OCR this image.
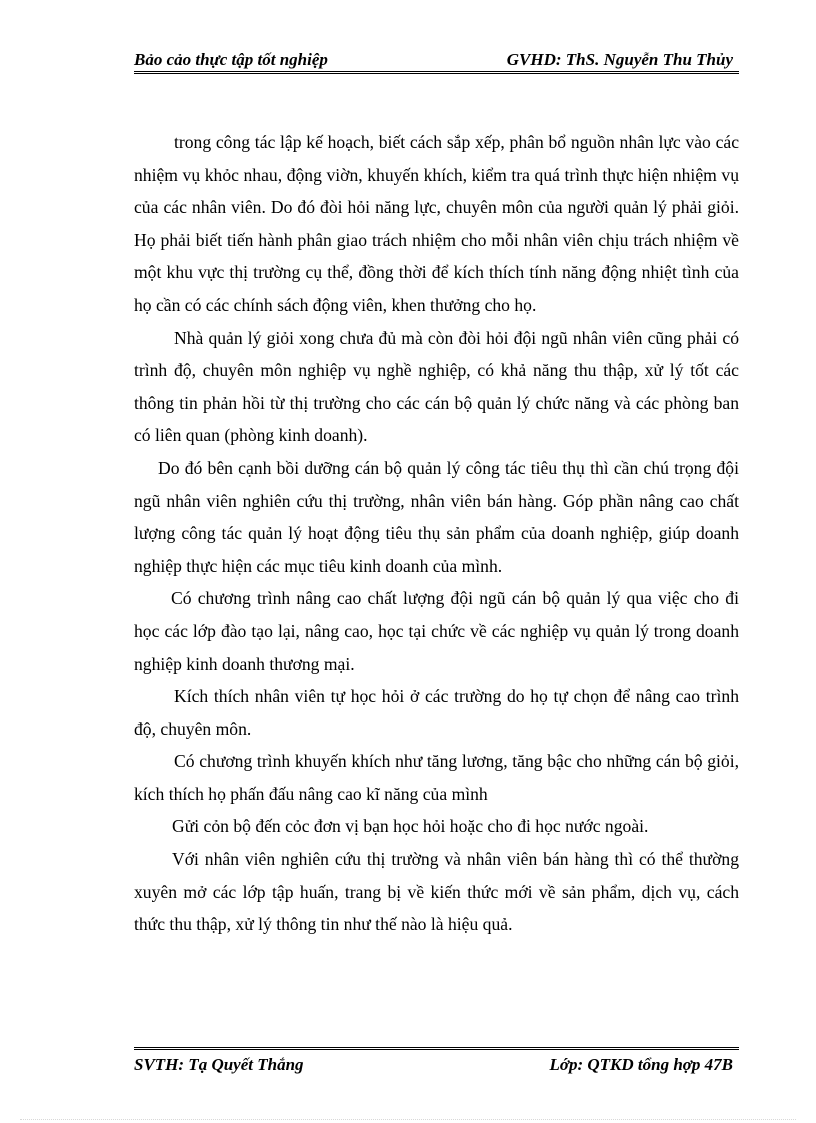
Bảo cảo thực tập tốt nghiệp	GVHD: ThS. Nguyễn Thu Thủy

trong công tác lập kế hoạch, biết cách sắp xếp, phân bổ nguồn nhân lực vào các nhiệm vụ khỏc nhau, động viờn, khuyến khích, kiểm tra quá trình thực hiện nhiệm vụ của các nhân viên. Do đó đòi hỏi năng lực, chuyên môn của người quản lý phải giỏi. Họ phải biết tiến hành phân giao trách nhiệm cho mỗi nhân viên chịu trách nhiệm về một khu vực thị trường cụ thể, đồng thời để kích thích tính năng động nhiệt tình của họ cần có các chính sách động viên, khen thưởng cho họ.

Nhà quản lý giỏi xong chưa đủ mà còn đòi hỏi đội ngũ nhân viên cũng phải có trình độ, chuyên môn nghiệp vụ nghề nghiệp, có khả năng thu thập, xử lý tốt các thông tin phản hồi từ thị trường cho các cán bộ quản lý chức năng và các phòng ban có liên quan (phòng kinh doanh).

Do đó bên cạnh bồi dưỡng cán bộ quản lý công tác tiêu thụ thì cần chú trọng đội ngũ nhân viên nghiên cứu thị trường, nhân viên bán hàng. Góp phần nâng cao chất lượng công tác quản lý hoạt động tiêu thụ sản phẩm của doanh nghiệp, giúp doanh nghiệp thực hiện các mục tiêu kinh doanh của mình.

Có chương trình nâng cao chất lượng đội ngũ cán bộ quản lý qua việc cho đi học các lớp đào tạo lại, nâng cao, học tại chức về các nghiệp vụ quản lý trong doanh nghiệp kinh doanh thương mại.

Kích thích nhân viên tự học hỏi ở các trường do họ tự chọn để nâng cao trình độ, chuyên môn.

Có chương trình khuyến khích như tăng lương, tăng bậc cho những cán bộ giỏi, kích thích họ phấn đấu nâng cao kĩ năng của mình

Gửi cỏn bộ đến cỏc đơn vị bạn học hỏi hoặc cho đi học nước ngoài.

Với nhân viên nghiên cứu thị trường và nhân viên bán hàng thì có thể thường xuyên mở các lớp tập huấn, trang bị về kiến thức mới về sản phẩm, dịch vụ, cách thức thu thập, xử lý thông tin như thế nào là hiệu quả.

SVTH: Tạ Quyết Thắng	Lớp: QTKD tổng hợp 47B
